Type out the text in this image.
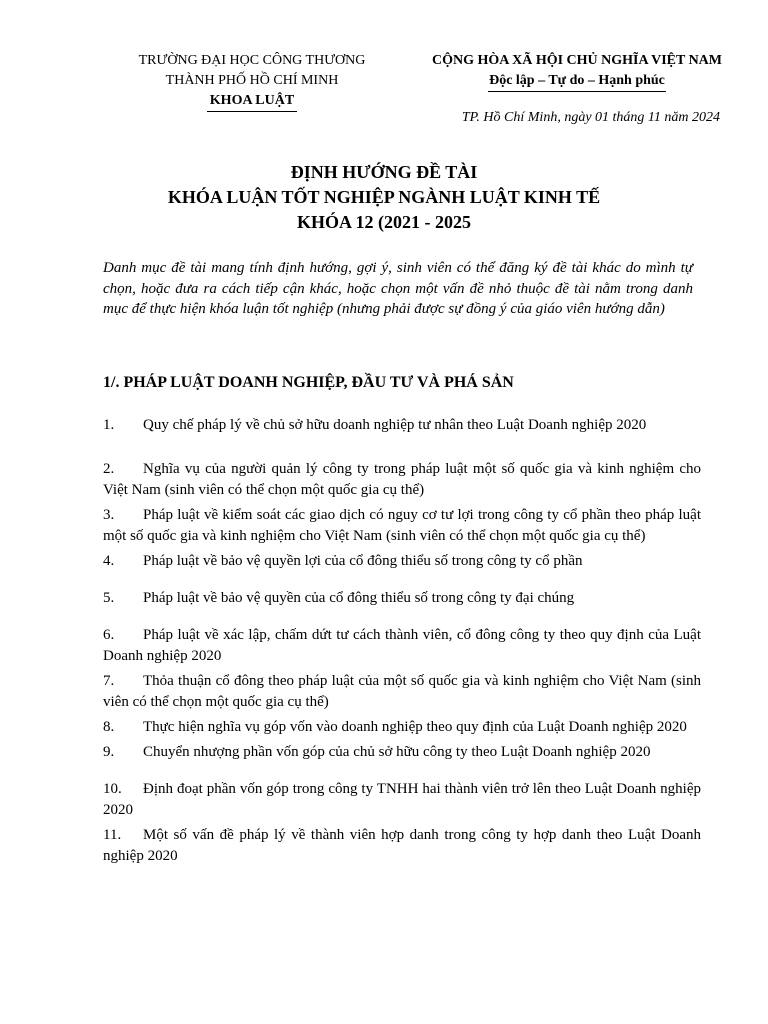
TRƯỜNG ĐẠI HỌC CÔNG THƯƠNG
THÀNH PHỐ HỒ CHÍ MINH
KHOA LUẬT
CỘNG HÒA XÃ HỘI CHỦ NGHĨA VIỆT NAM
Độc lập – Tự do – Hạnh phúc
TP. Hồ Chí Minh, ngày 01 tháng 11 năm 2024
ĐỊNH HƯỚNG ĐỀ TÀI
KHÓA LUẬN TỐT NGHIỆP NGÀNH LUẬT KINH TẾ
KHÓA 12 (2021 - 2025
Danh mục đề tài mang tính định hướng, gợi ý, sinh viên có thể đăng ký đề tài khác do mình tự chọn, hoặc đưa ra cách tiếp cận khác, hoặc chọn một vấn đề nhỏ thuộc đề tài nằm trong danh mục để thực hiện khóa luận tốt nghiệp (nhưng phải được sự đồng ý của giáo viên hướng dẫn)
1/. PHÁP LUẬT DOANH NGHIỆP, ĐẦU TƯ VÀ PHÁ SẢN
1. Quy chế pháp lý về chủ sở hữu doanh nghiệp tư nhân theo Luật Doanh nghiệp 2020
2. Nghĩa vụ của người quản lý công ty trong pháp luật một số quốc gia và kinh nghiệm cho Việt Nam (sinh viên có thể chọn một quốc gia cụ thể)
3. Pháp luật về kiểm soát các giao dịch có nguy cơ tư lợi trong công ty cổ phần theo pháp luật một số quốc gia và kinh nghiệm cho Việt Nam (sinh viên có thể chọn một quốc gia cụ thể)
4. Pháp luật về bảo vệ quyền lợi của cổ đông thiểu số trong công ty cổ phần
5. Pháp luật về bảo vệ quyền của cổ đông thiểu số trong công ty đại chúng
6. Pháp luật về xác lập, chấm dứt tư cách thành viên, cổ đông công ty theo quy định của Luật Doanh nghiệp 2020
7. Thỏa thuận cổ đông theo pháp luật của một số quốc gia và kinh nghiệm cho Việt Nam (sinh viên có thể chọn một quốc gia cụ thể)
8. Thực hiện nghĩa vụ góp vốn vào doanh nghiệp theo quy định của Luật Doanh nghiệp 2020
9. Chuyển nhượng phần vốn góp của chủ sở hữu công ty theo Luật Doanh nghiệp 2020
10. Định đoạt phần vốn góp trong công ty TNHH hai thành viên trở lên theo Luật Doanh nghiệp 2020
11. Một số vấn đề pháp lý về thành viên hợp danh trong công ty hợp danh theo Luật Doanh nghiệp 2020
